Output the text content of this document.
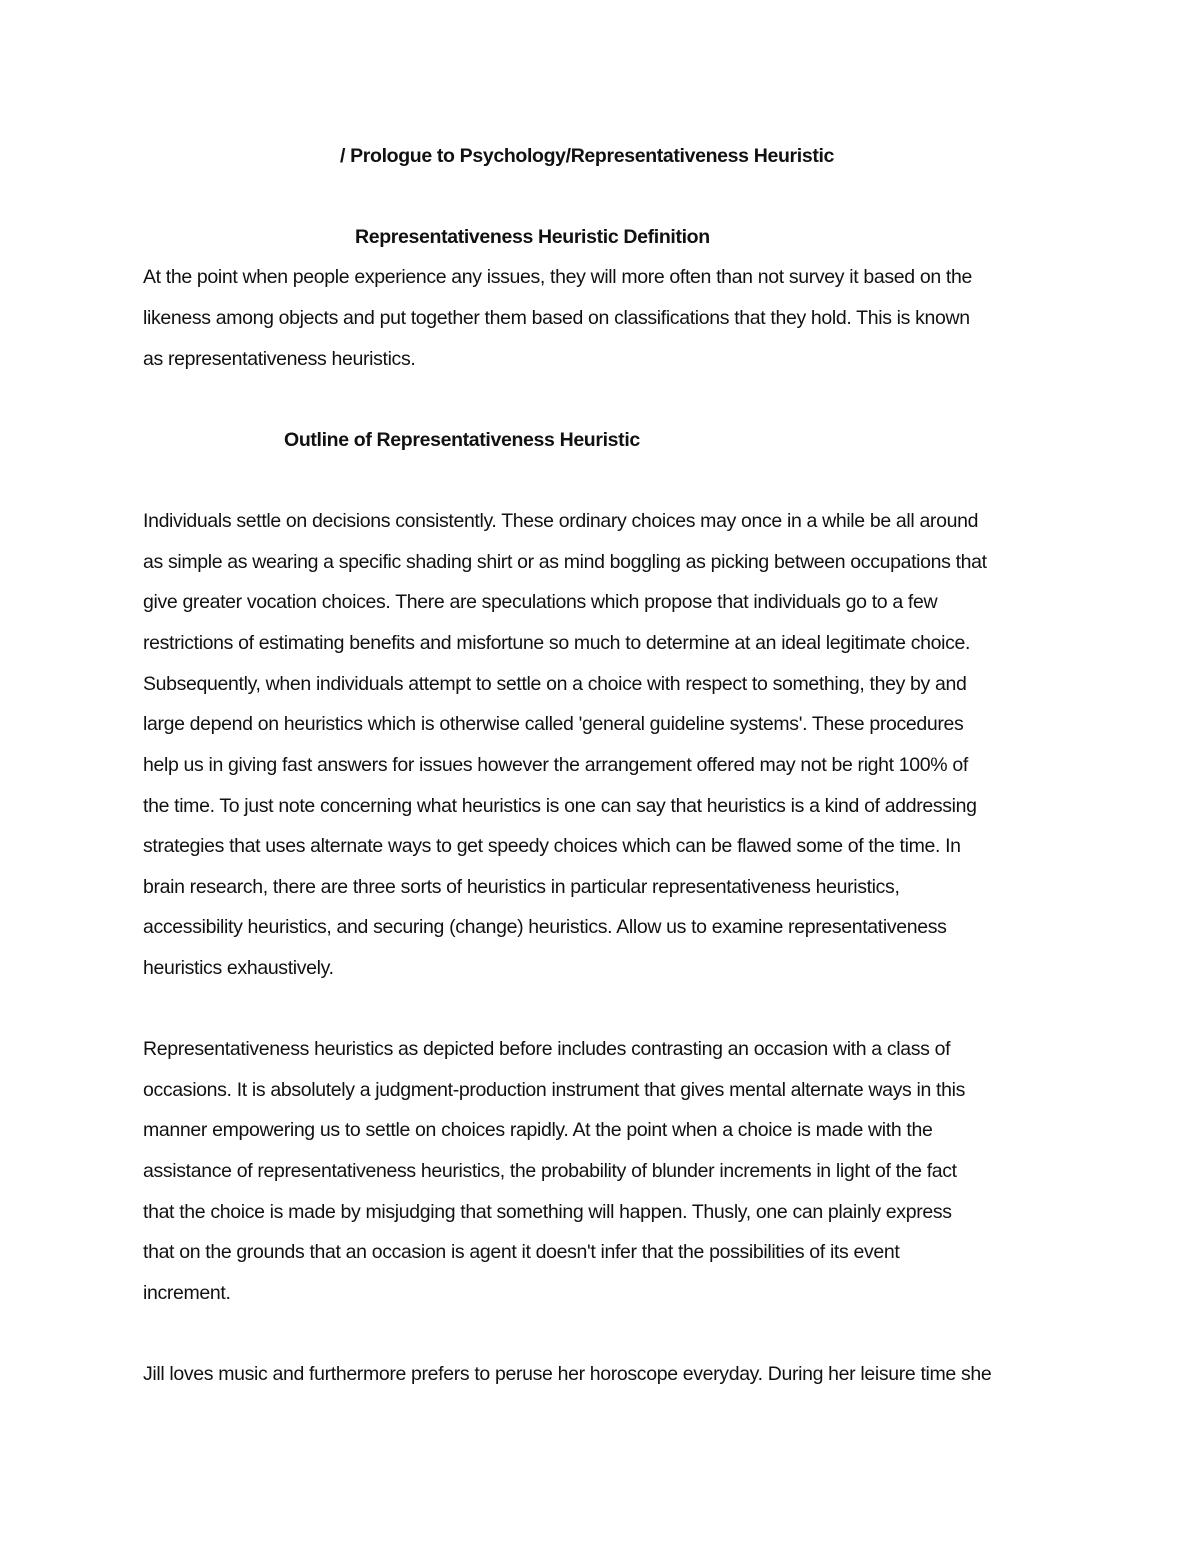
/ Prologue to Psychology/Representativeness Heuristic
Representativeness Heuristic Definition
At the point when people experience any issues, they will more often than not survey it based on the
likeness among objects and put together them based on classifications that they hold. This is known
as representativeness heuristics.
Outline of Representativeness Heuristic
Individuals settle on decisions consistently. These ordinary choices may once in a while be all around
as simple as wearing a specific shading shirt or as mind boggling as picking between occupations that
give greater vocation choices. There are speculations which propose that individuals go to a few
restrictions of estimating benefits and misfortune so much to determine at an ideal legitimate choice.
Subsequently, when individuals attempt to settle on a choice with respect to something, they by and
large depend on heuristics which is otherwise called 'general guideline systems'. These procedures
help us in giving fast answers for issues however the arrangement offered may not be right 100% of
the time. To just note concerning what heuristics is one can say that heuristics is a kind of addressing
strategies that uses alternate ways to get speedy choices which can be flawed some of the time. In
brain research, there are three sorts of heuristics in particular representativeness heuristics,
accessibility heuristics, and securing (change) heuristics. Allow us to examine representativeness
heuristics exhaustively.
Representativeness heuristics as depicted before includes contrasting an occasion with a class of
occasions. It is absolutely a judgment-production instrument that gives mental alternate ways in this
manner empowering us to settle on choices rapidly. At the point when a choice is made with the
assistance of representativeness heuristics, the probability of blunder increments in light of the fact
that the choice is made by misjudging that something will happen. Thusly, one can plainly express
that on the grounds that an occasion is agent it doesn't infer that the possibilities of its event
increment.
Jill loves music and furthermore prefers to peruse her horoscope everyday. During her leisure time she
